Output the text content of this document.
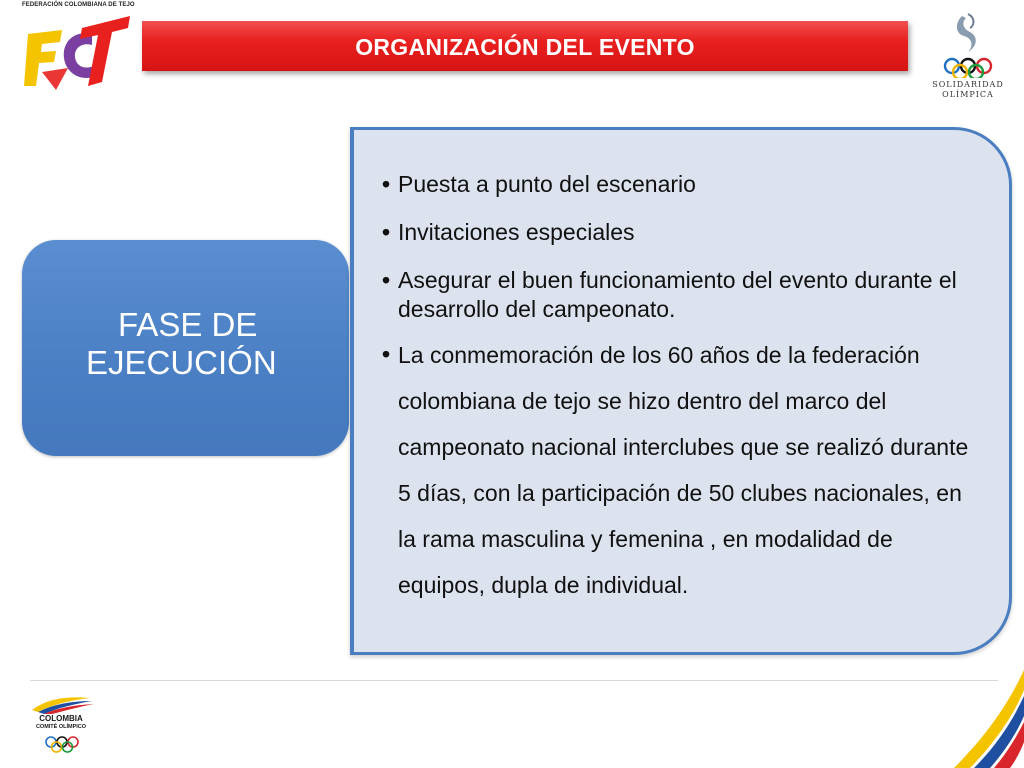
FEDERACIÓN COLOMBIANA DE TEJO
ORGANIZACIÓN DEL EVENTO
SOLIDARIDAD
OLÍMPICA
FASE DE
EJECUCIÓN
• Puesta a punto del escenario
• Invitaciones especiales
• Asegurar el buen funcionamiento del evento durante el desarrollo del campeonato.
• La conmemoración de los 60 años de la federación colombiana de tejo se hizo dentro del marco del campeonato nacional interclubes que se realizó durante 5 días, con la participación de 50 clubes nacionales, en la rama masculina y femenina , en modalidad de equipos, dupla de individual.
COLOMBIA
COMITÉ OLÍMPICO
